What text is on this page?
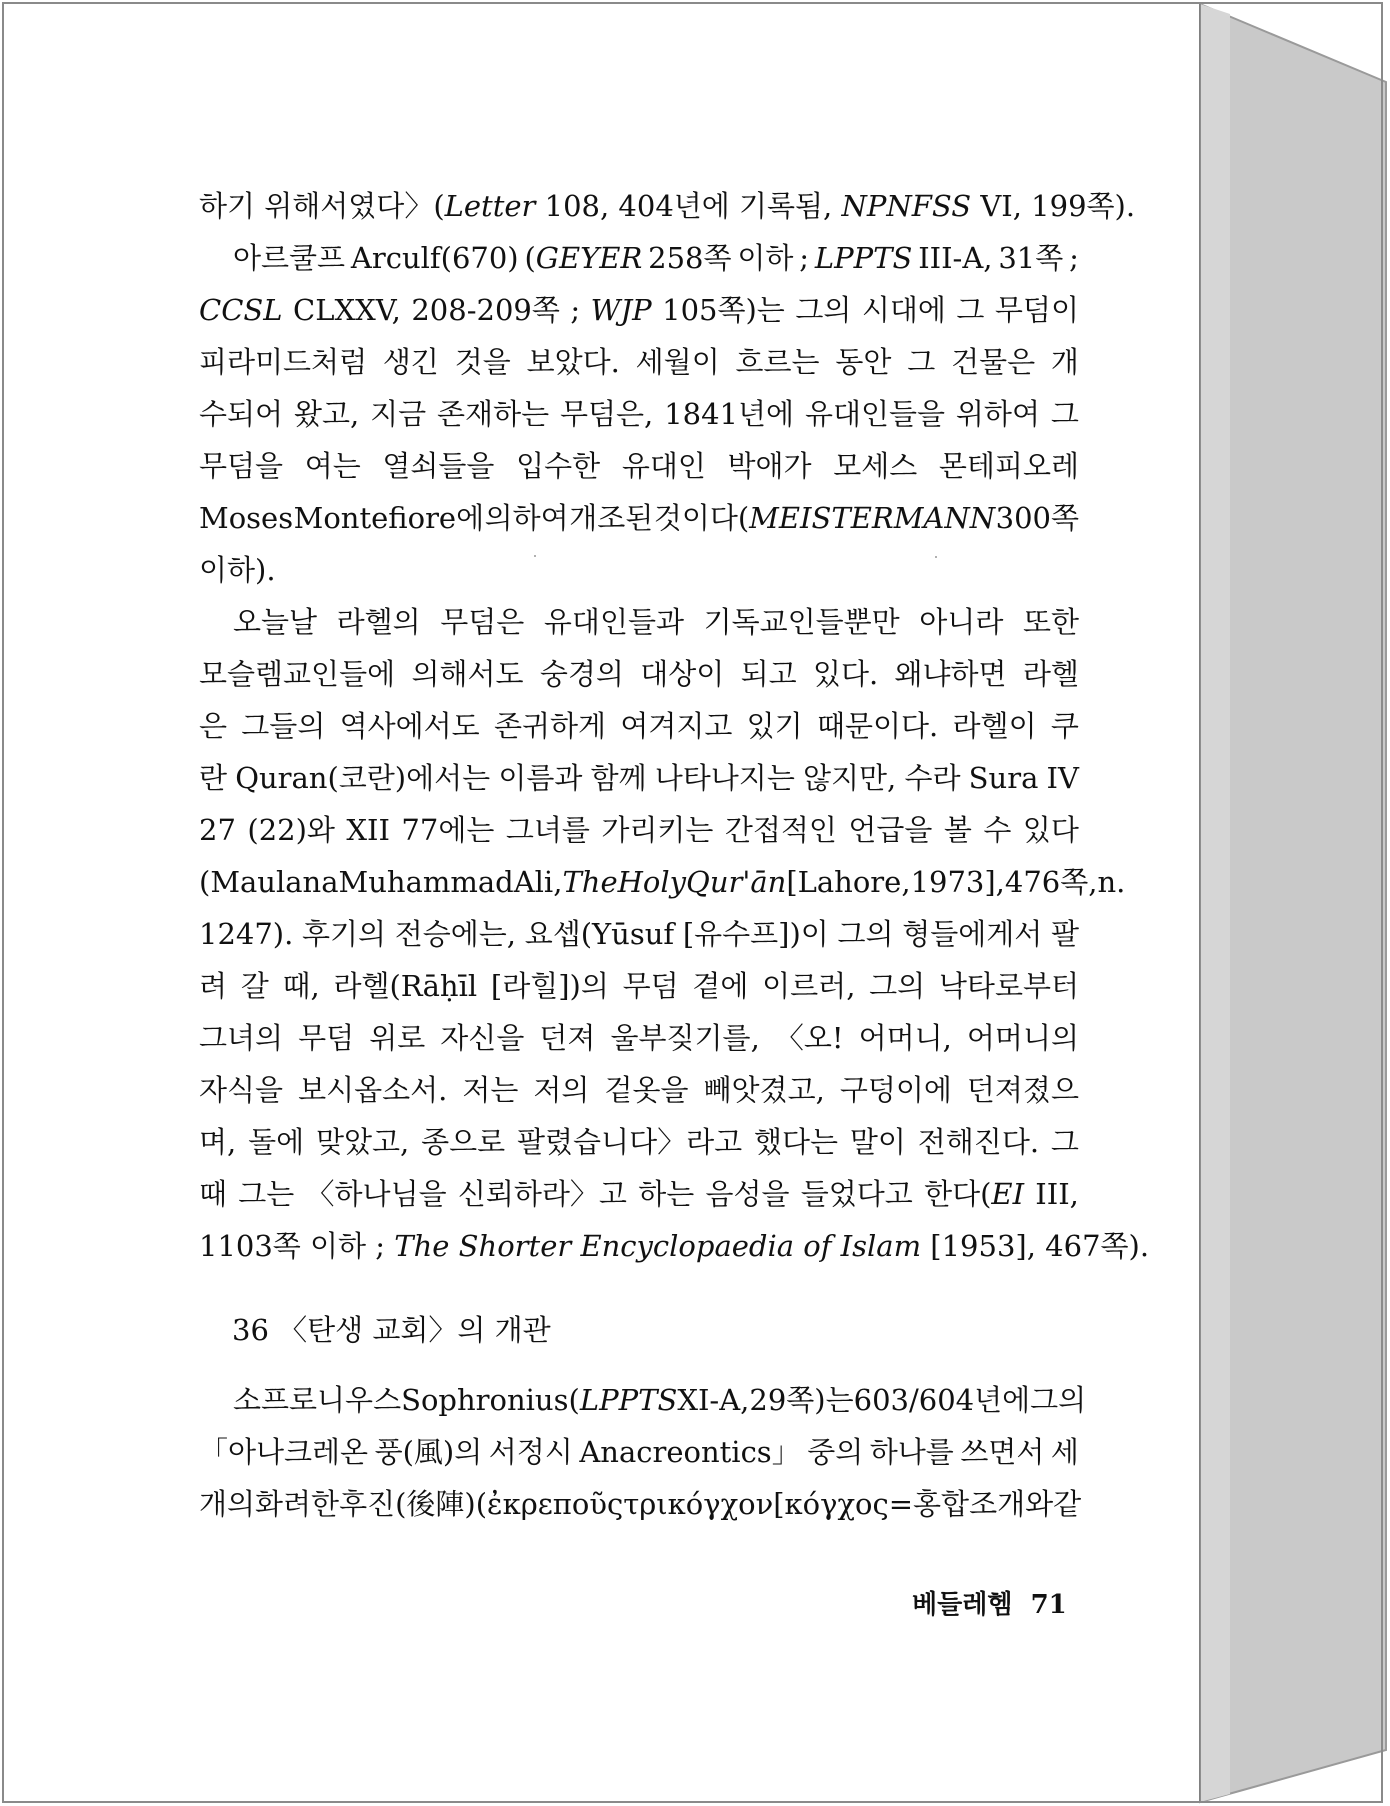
하기 위해서였다〉(Letter 108, 404년에 기록됨, NPNFSS VI, 199쪽).
아르쿨프 Arculf(670) (GEYER 258쪽 이하 ; LPPTS III-A, 31쪽 ;
CCSL CLXXV, 208-209쪽 ; WJP 105쪽)는 그의 시대에 그 무덤이
피라미드처럼 생긴 것을 보았다. 세월이 흐르는 동안 그 건물은 개
수되어 왔고, 지금 존재하는 무덤은, 1841년에 유대인들을 위하여 그
무덤을 여는 열쇠들을 입수한 유대인 박애가 모세스 몬테피오레
Moses Montefiore에 의하여 개조된 것이다(MEISTERMANN 300쪽
이하).
오늘날 라헬의 무덤은 유대인들과 기독교인들뿐만 아니라 또한
모슬렘교인들에 의해서도 숭경의 대상이 되고 있다. 왜냐하면 라헬
은 그들의 역사에서도 존귀하게 여겨지고 있기 때문이다. 라헬이 쿠
란 Quran(코란)에서는 이름과 함께 나타나지는 않지만, 수라 Sura IV
27 (22)와 XII 77에는 그녀를 가리키는 간접적인 언급을 볼 수 있다
(Maulana Muhammad Ali, The Holy Qur'ān [Lahore, 1973], 476쪽, n.
1247). 후기의 전승에는, 요셉(Yūsuf [유수프])이 그의 형들에게서 팔
려 갈 때, 라헬(Rāḥīl [라힐])의 무덤 곁에 이르러, 그의 낙타로부터
그녀의 무덤 위로 자신을 던져 울부짖기를, 〈오! 어머니, 어머니의
자식을 보시옵소서. 저는 저의 겉옷을 빼앗겼고, 구덩이에 던져졌으
며, 돌에 맞았고, 종으로 팔렸습니다〉라고 했다는 말이 전해진다. 그
때 그는 〈하나님을 신뢰하라〉고 하는 음성을 들었다고 한다(EI III,
1103쪽 이하 ; The Shorter Encyclopaedia of Islam [1953], 467쪽).
소프로니우스 Sophronius(LPPTS XI-A, 29쪽)는 603/604년에 그의
「아나크레온 풍(風)의 서정시 Anacreontics」 중의 하나를 쓰면서 세
개의 화려한 후진(後陣) (ἐκρεποῦς τρικόγχον[κόγχος=홍합 조개와 같
36 〈탄생 교회〉의 개관
베들레헴 71
